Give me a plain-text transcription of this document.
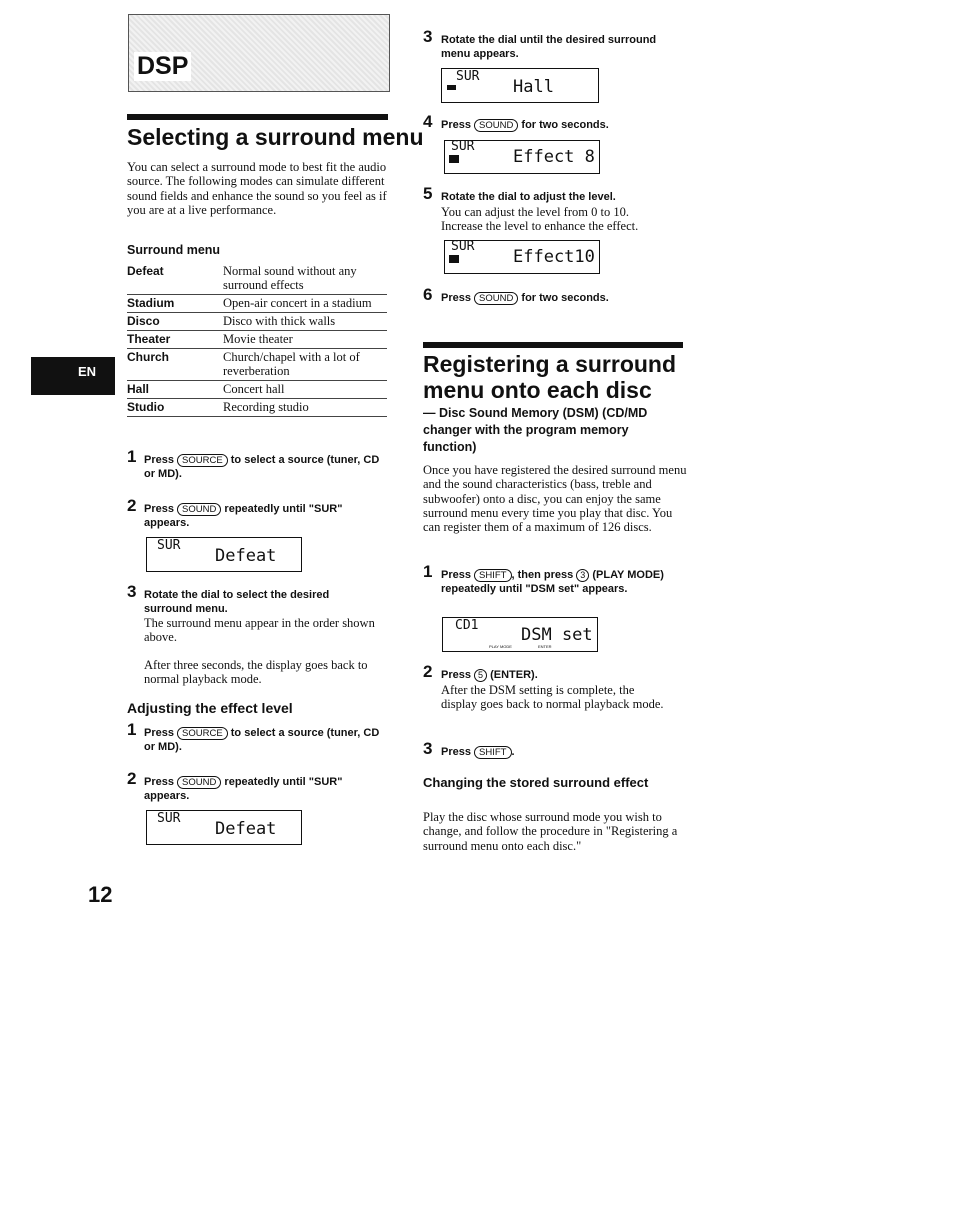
DSP
Selecting a surround menu
You can select a surround mode to best fit the audio source. The following modes can simulate different sound fields and enhance the sound so you feel as if you are at a live performance.
Surround menu
Defeat	Normal sound without any surround effects
Stadium	Open-air concert in a stadium
Disco	Disco with thick walls
Theater	Movie theater
Church	Church/chapel with a lot of reverberation
Hall	Concert hall
Studio	Recording studio
1 Press SOURCE to select a source (tuner, CD or MD).
2 Press SOUND repeatedly until "SUR" appears.
SUR
Defeat
3 Rotate the dial to select the desired surround menu.
The surround menu appear in the order shown above.
After three seconds, the display goes back to normal playback mode.
Adjusting the effect level
1 Press SOURCE to select a source (tuner, CD or MD).
2 Press SOUND repeatedly until "SUR" appears.
SUR
Defeat
EN
12
3 Rotate the dial until the desired surround menu appears.
SUR
Hall
4 Press SOUND for two seconds.
SUR
Effect 8
5 Rotate the dial to adjust the level.
You can adjust the level from 0 to 10. Increase the level to enhance the effect.
SUR
Effect10
6 Press SOUND for two seconds.
Registering a surround menu onto each disc
— Disc Sound Memory (DSM) (CD/MD changer with the program memory function)
Once you have registered the desired surround menu and the sound characteristics (bass, treble and subwoofer) onto a disc, you can enjoy the same surround menu every time you play that disc. You can register them of a maximum of 126 discs.
1 Press SHIFT , then press 3 (PLAY MODE) repeatedly until "DSM set" appears.
CD1	DSM set
PLAY MODE	ENTER
2 Press 5 (ENTER).
After the DSM setting is complete, the display goes back to normal playback mode.
3 Press SHIFT .
Changing the stored surround effect
Play the disc whose surround mode you wish to change, and follow the procedure in "Registering a surround menu onto each disc."
